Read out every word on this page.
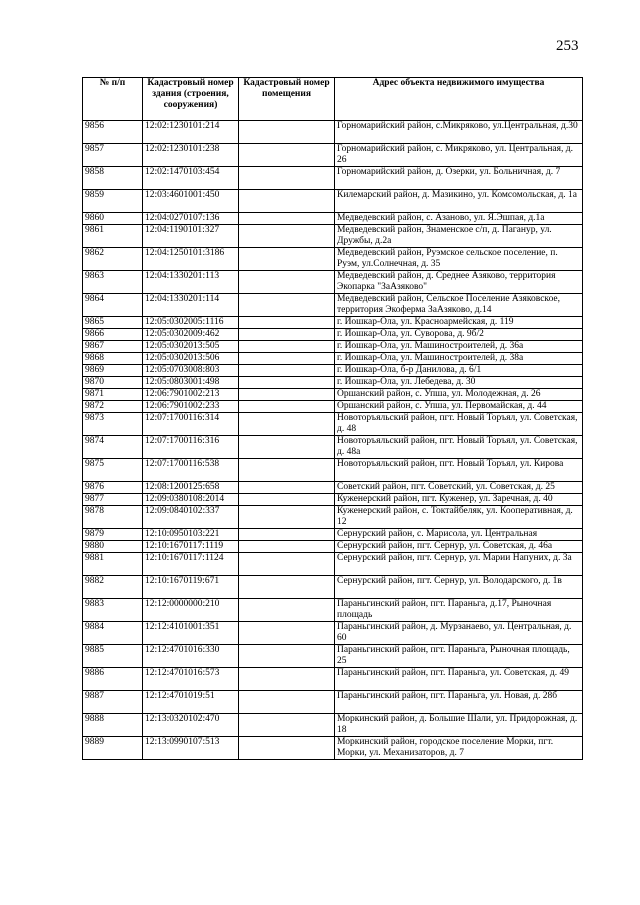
253
№ п/п	Кадастровый номер здания (строения, сооружения)	Кадастровый номер помещения	Адрес объекта недвижимого имущества
9856	12:02:1230101:214		Горномарийский район, с.Микряково, ул.Центральная, д.30
9857	12:02:1230101:238		Горномарийский район, с. Микряково, ул. Центральная, д. 26
9858	12:02:1470103:454		Горномарийский район, д. Озерки, ул. Больничная, д. 7
9859	12:03:4601001:450		Килемарский район, д. Мазикино, ул. Комсомольская, д. 1а
9860	12:04:0270107:136		Медведевский район, с. Азаново, ул. Я.Эшпая, д.1а
9861	12:04:1190101:327		Медведевский район, Знаменское с/п, д. Паганур, ул. Дружбы, д.2а
9862	12:04:1250101:3186		Медведевский район, Руэмское сельское поселение, п. Руэм, ул.Солнечная, д. 35
9863	12:04:1330201:113		Медведевский район, д. Среднее Азяково, территория Экопарка "ЗаАзяково"
9864	12:04:1330201:114		Медведевский район, Сельское Поселение Азяковское, территория Экоферма ЗаАзяково, д.14
9865	12:05:0302005:1116		г. Йошкар-Ола, ул. Красноармейская, д. 119
9866	12:05:0302009:462		г. Йошкар-Ола, ул. Суворова, д. 9б/2
9867	12:05:0302013:505		г. Йошкар-Ола, ул. Машиностроителей, д. 36а
9868	12:05:0302013:506		г. Йошкар-Ола, ул. Машиностроителей, д. 38а
9869	12:05:0703008:803		г. Йошкар-Ола, б-р Данилова, д. 6/1
9870	12:05:0803001:498		г. Йошкар-Ола, ул. Лебедева, д. 30
9871	12:06:7901002:213		Оршанский район, с. Упша, ул. Молодежная, д. 26
9872	12:06:7901002:233		Оршанский район, с. Упша, ул. Первомайская, д. 44
9873	12:07:1700116:314		Новоторъяльский район, пгт. Новый Торъял, ул. Советская, д. 48
9874	12:07:1700116:316		Новоторъяльский район, пгт. Новый Торъял, ул. Советская, д. 48а
9875	12:07:1700116:538		Новоторъяльский район, пгт. Новый Торъял, ул. Кирова
9876	12:08:1200125:658		Советский район, пгт. Советский, ул. Советская, д. 25
9877	12:09:0380108:2014		Куженерский район, пгт. Куженер, ул. Заречная, д. 40
9878	12:09:0840102:337		Куженерский район, с. Токтайбеляк, ул. Кооперативная, д. 12
9879	12:10:0950103:221		Сернурский район, с. Марисола, ул. Центральная
9880	12:10:1670117:1119		Сернурский район, пгт. Сернур, ул. Советская, д. 46а
9881	12:10:1670117:1124		Сернурский район, пгт. Сернур, ул. Марии Напуних, д. 3а
9882	12:10:1670119:671		Сернурский район, пгт. Сернур, ул. Володарского, д. 1в
9883	12:12:0000000:210		Параньгинский район, пгт. Параньга, д.17, Рыночная площадь
9884	12:12:4101001:351		Параньгинский район, д. Мурзанаево, ул. Центральная, д. 60
9885	12:12:4701016:330		Параньгинский район, пгт. Параньга, Рыночная площадь, 25
9886	12:12:4701016:573		Параньгинский район, пгт. Параньга, ул. Советская, д. 49
9887	12:12:4701019:51		Параньгинский район, пгт. Параньга, ул. Новая, д. 28б
9888	12:13:0320102:470		Моркинский район, д. Большие Шали, ул. Придорожная, д. 18
9889	12:13:0990107:513		Моркинский район, городское поселение Морки, пгт. Морки, ул. Механизаторов, д. 7
